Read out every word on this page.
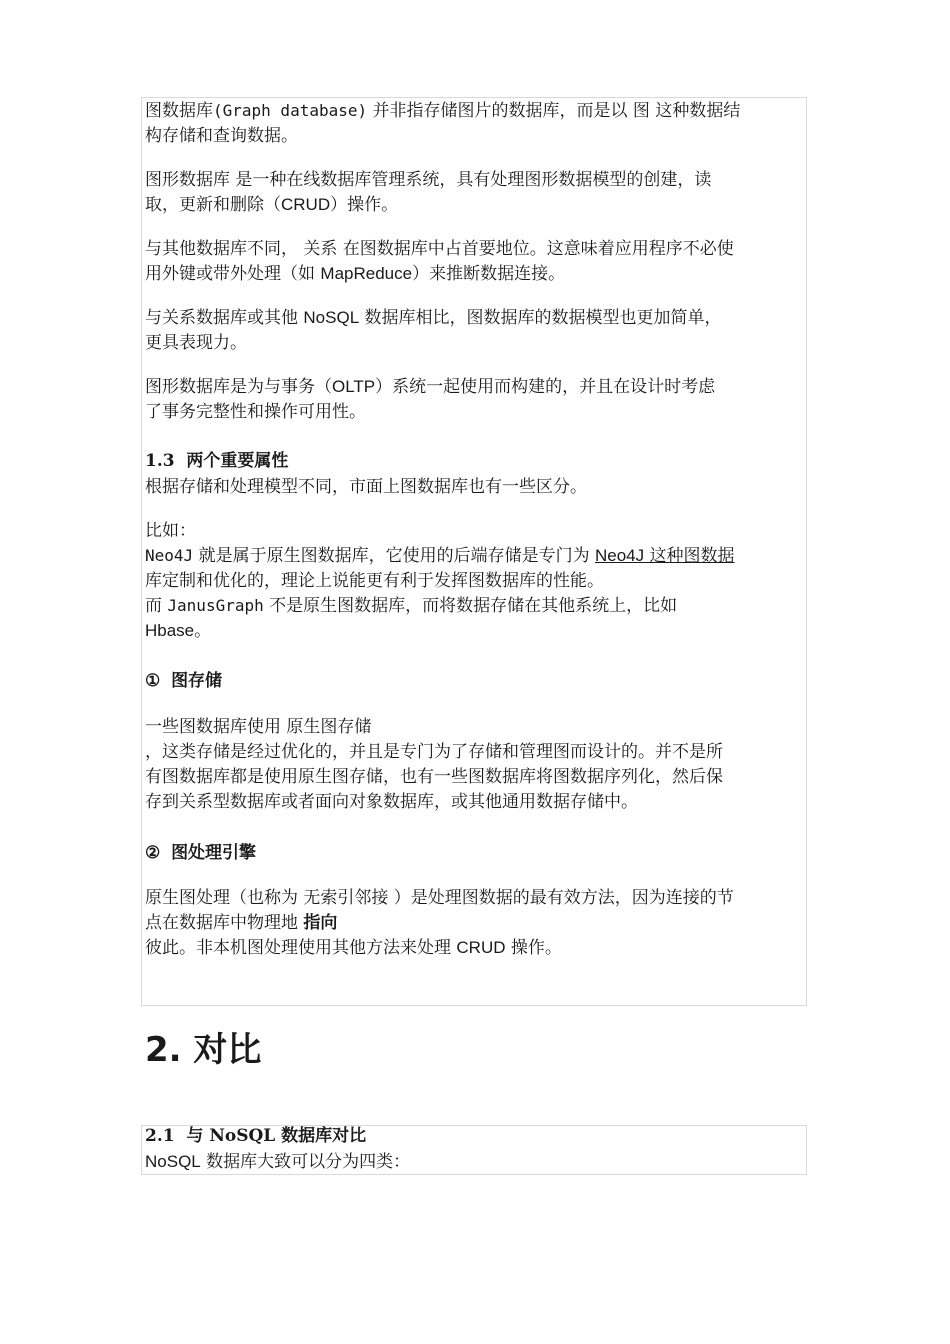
图数据库(Graph database) 并非指存储图片的数据库，而是以 图 这种数据结

构存储和查询数据。

图形数据库 是一种在线数据库管理系统，具有处理图形数据模型的创建，读

取，更新和删除（CRUD）操作。

与其他数据库不同， 关系 在图数据库中占首要地位。这意味着应用程序不必使

用外键或带外处理（如 MapReduce）来推断数据连接。

与关系数据库或其他 NoSQL 数据库相比，图数据库的数据模型也更加简单，

更具表现力。

图形数据库是为与事务（OLTP）系统一起使用而构建的，并且在设计时考虑

了事务完整性和操作可用性。

1.3 两个重要属性

根据存储和处理模型不同，市面上图数据库也有一些区分。

比如：

Neo4J 就是属于原生图数据库，它使用的后端存储是专门为 Neo4J 这种图数据

库定制和优化的，理论上说能更有利于发挥图数据库的性能。

而 JanusGraph 不是原生图数据库，而将数据存储在其他系统上，比如

Hbase。

① 图存储

一些图数据库使用 原生图存储

，这类存储是经过优化的，并且是专门为了存储和管理图而设计的。并不是所

有图数据库都是使用原生图存储，也有一些图数据库将图数据序列化，然后保

存到关系型数据库或者面向对象数据库，或其他通用数据存储中。

② 图处理引擎

原生图处理（也称为 无索引邻接 ）是处理图数据的最有效方法，因为连接的节

点在数据库中物理地 指向

彼此。非本机图处理使用其他方法来处理 CRUD 操作。

2. 对比

2.1 与 NoSQL 数据库对比

NoSQL 数据库大致可以分为四类：
